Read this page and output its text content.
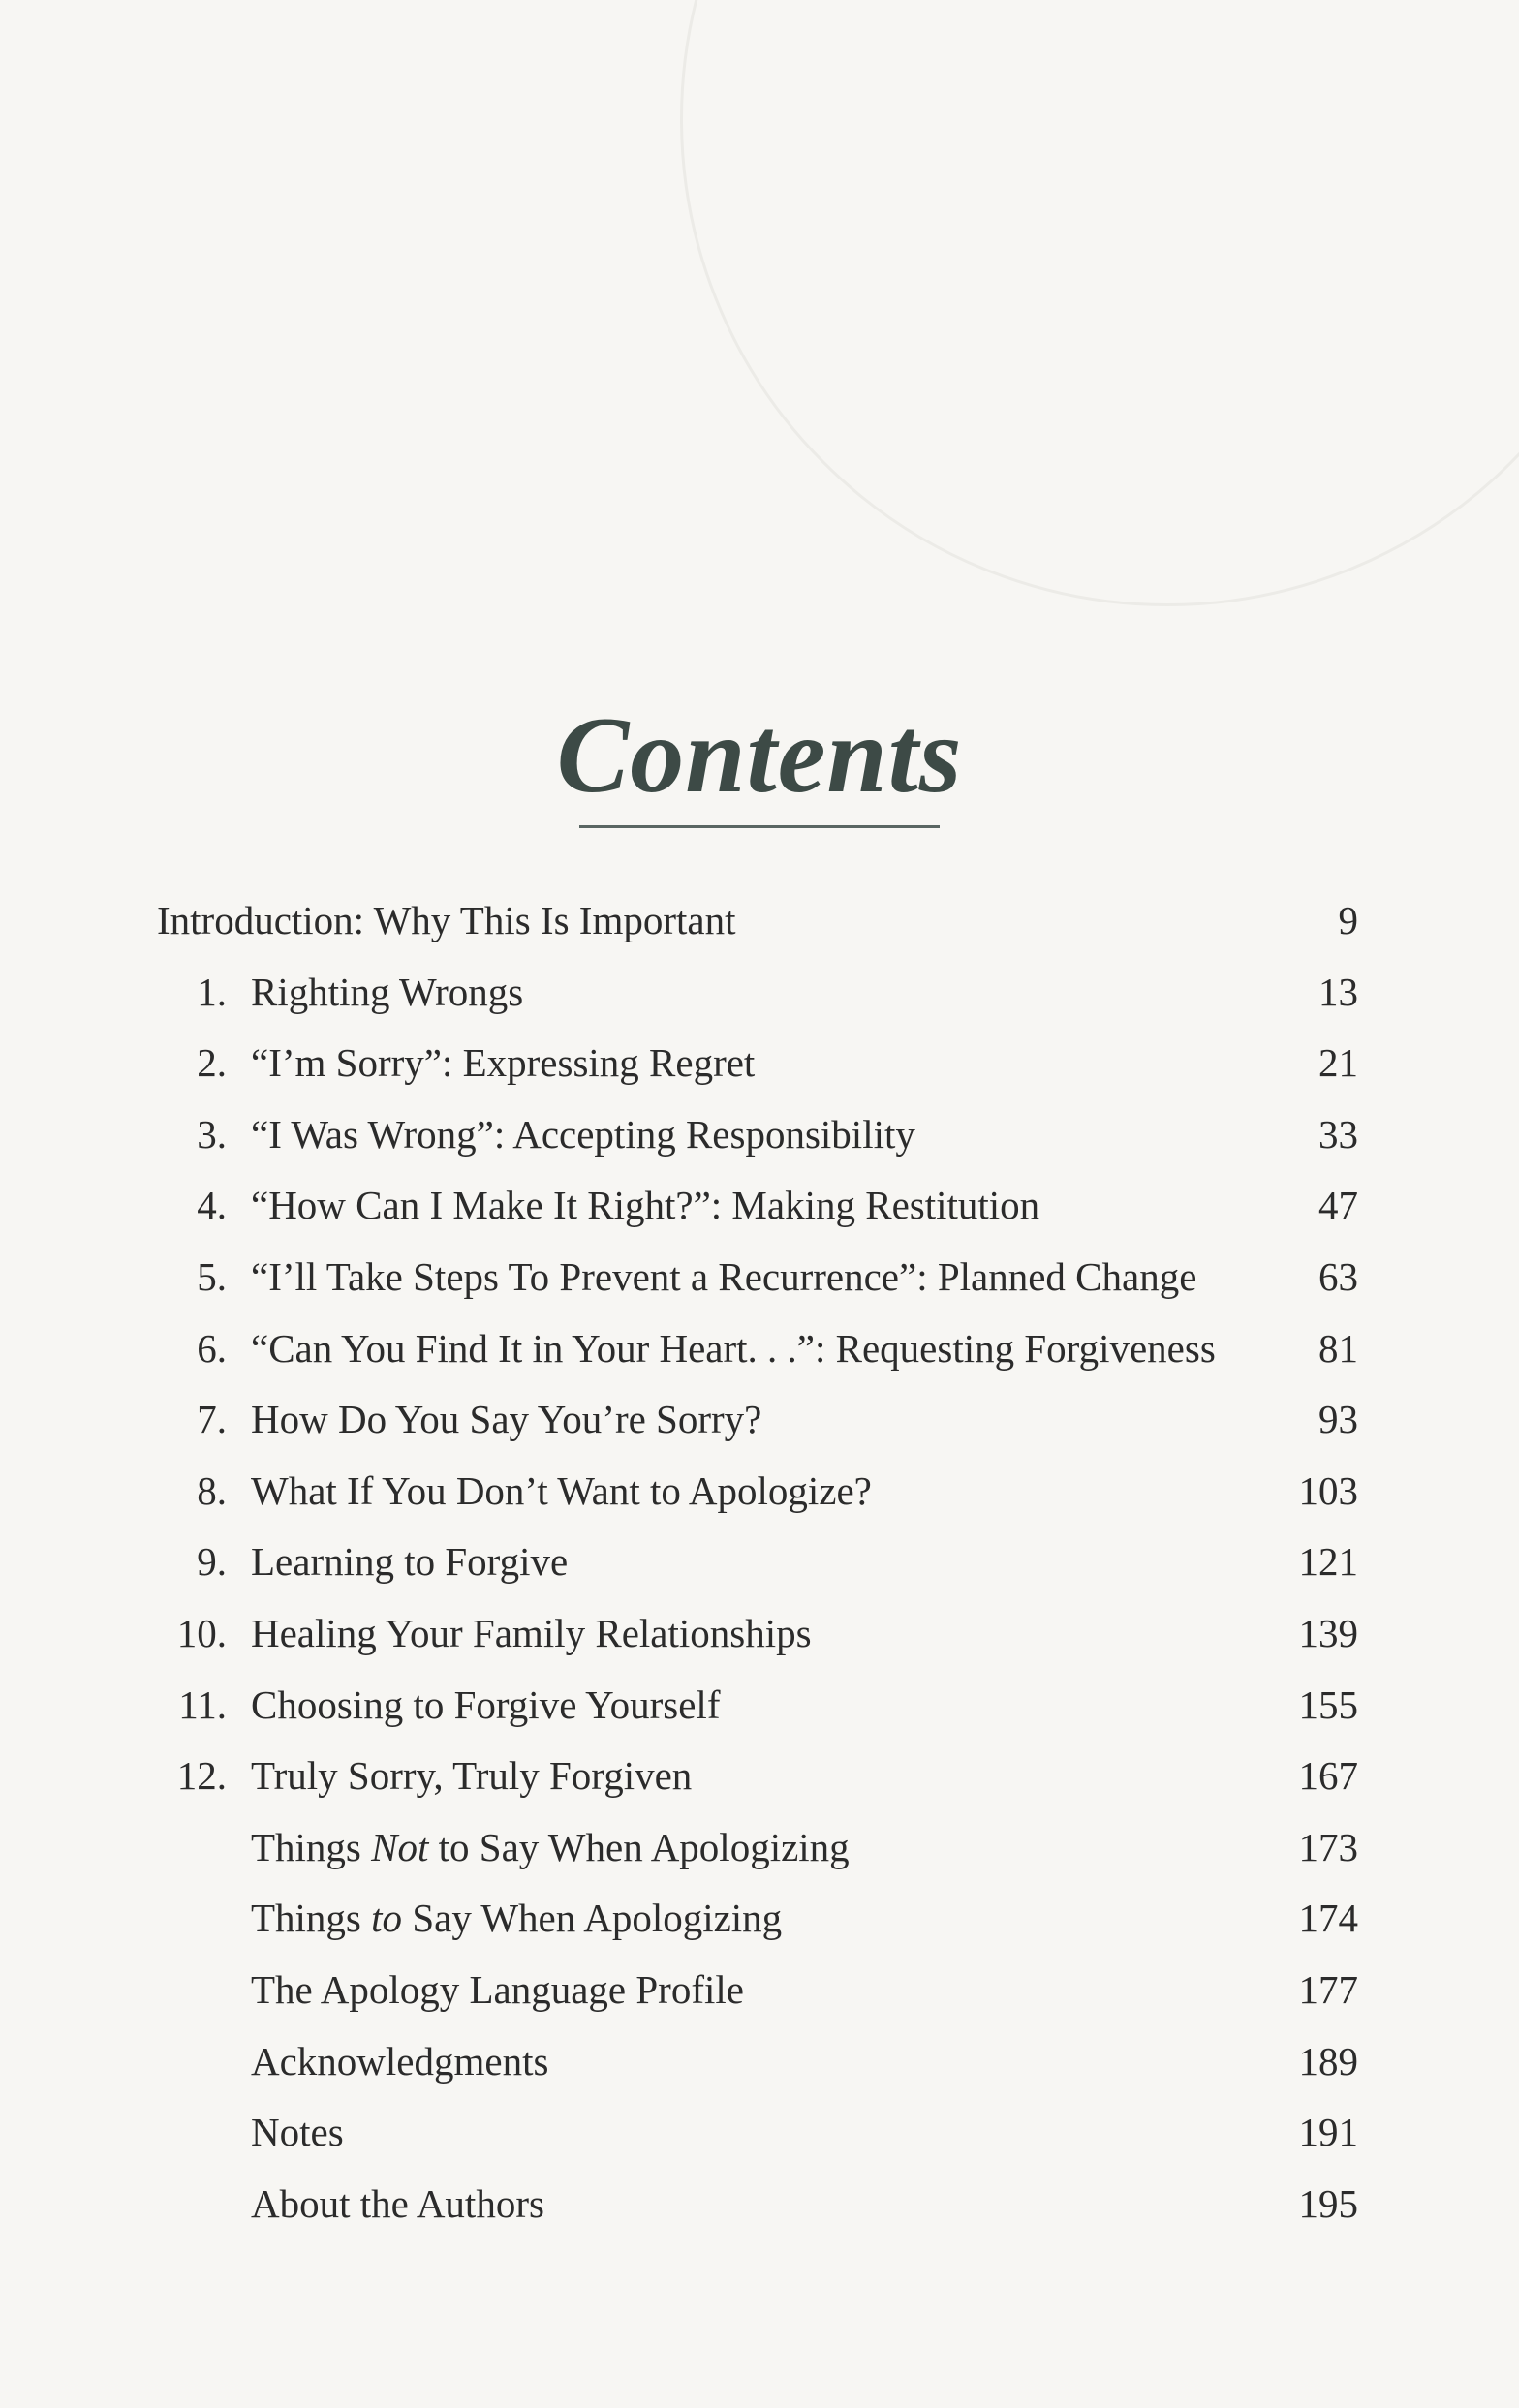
Contents
Introduction: Why This Is Important	9
1. Righting Wrongs	13
2. “I’m Sorry”: Expressing Regret	21
3. “I Was Wrong”: Accepting Responsibility	33
4. “How Can I Make It Right?”: Making Restitution	47
5. “I’ll Take Steps To Prevent a Recurrence”: Planned Change	63
6. “Can You Find It in Your Heart. . .”: Requesting Forgiveness	81
7. How Do You Say You’re Sorry?	93
8. What If You Don’t Want to Apologize?	103
9. Learning to Forgive	121
10. Healing Your Family Relationships	139
11. Choosing to Forgive Yourself	155
12. Truly Sorry, Truly Forgiven	167
Things Not to Say When Apologizing	173
Things to Say When Apologizing	174
The Apology Language Profile	177
Acknowledgments	189
Notes	191
About the Authors	195
